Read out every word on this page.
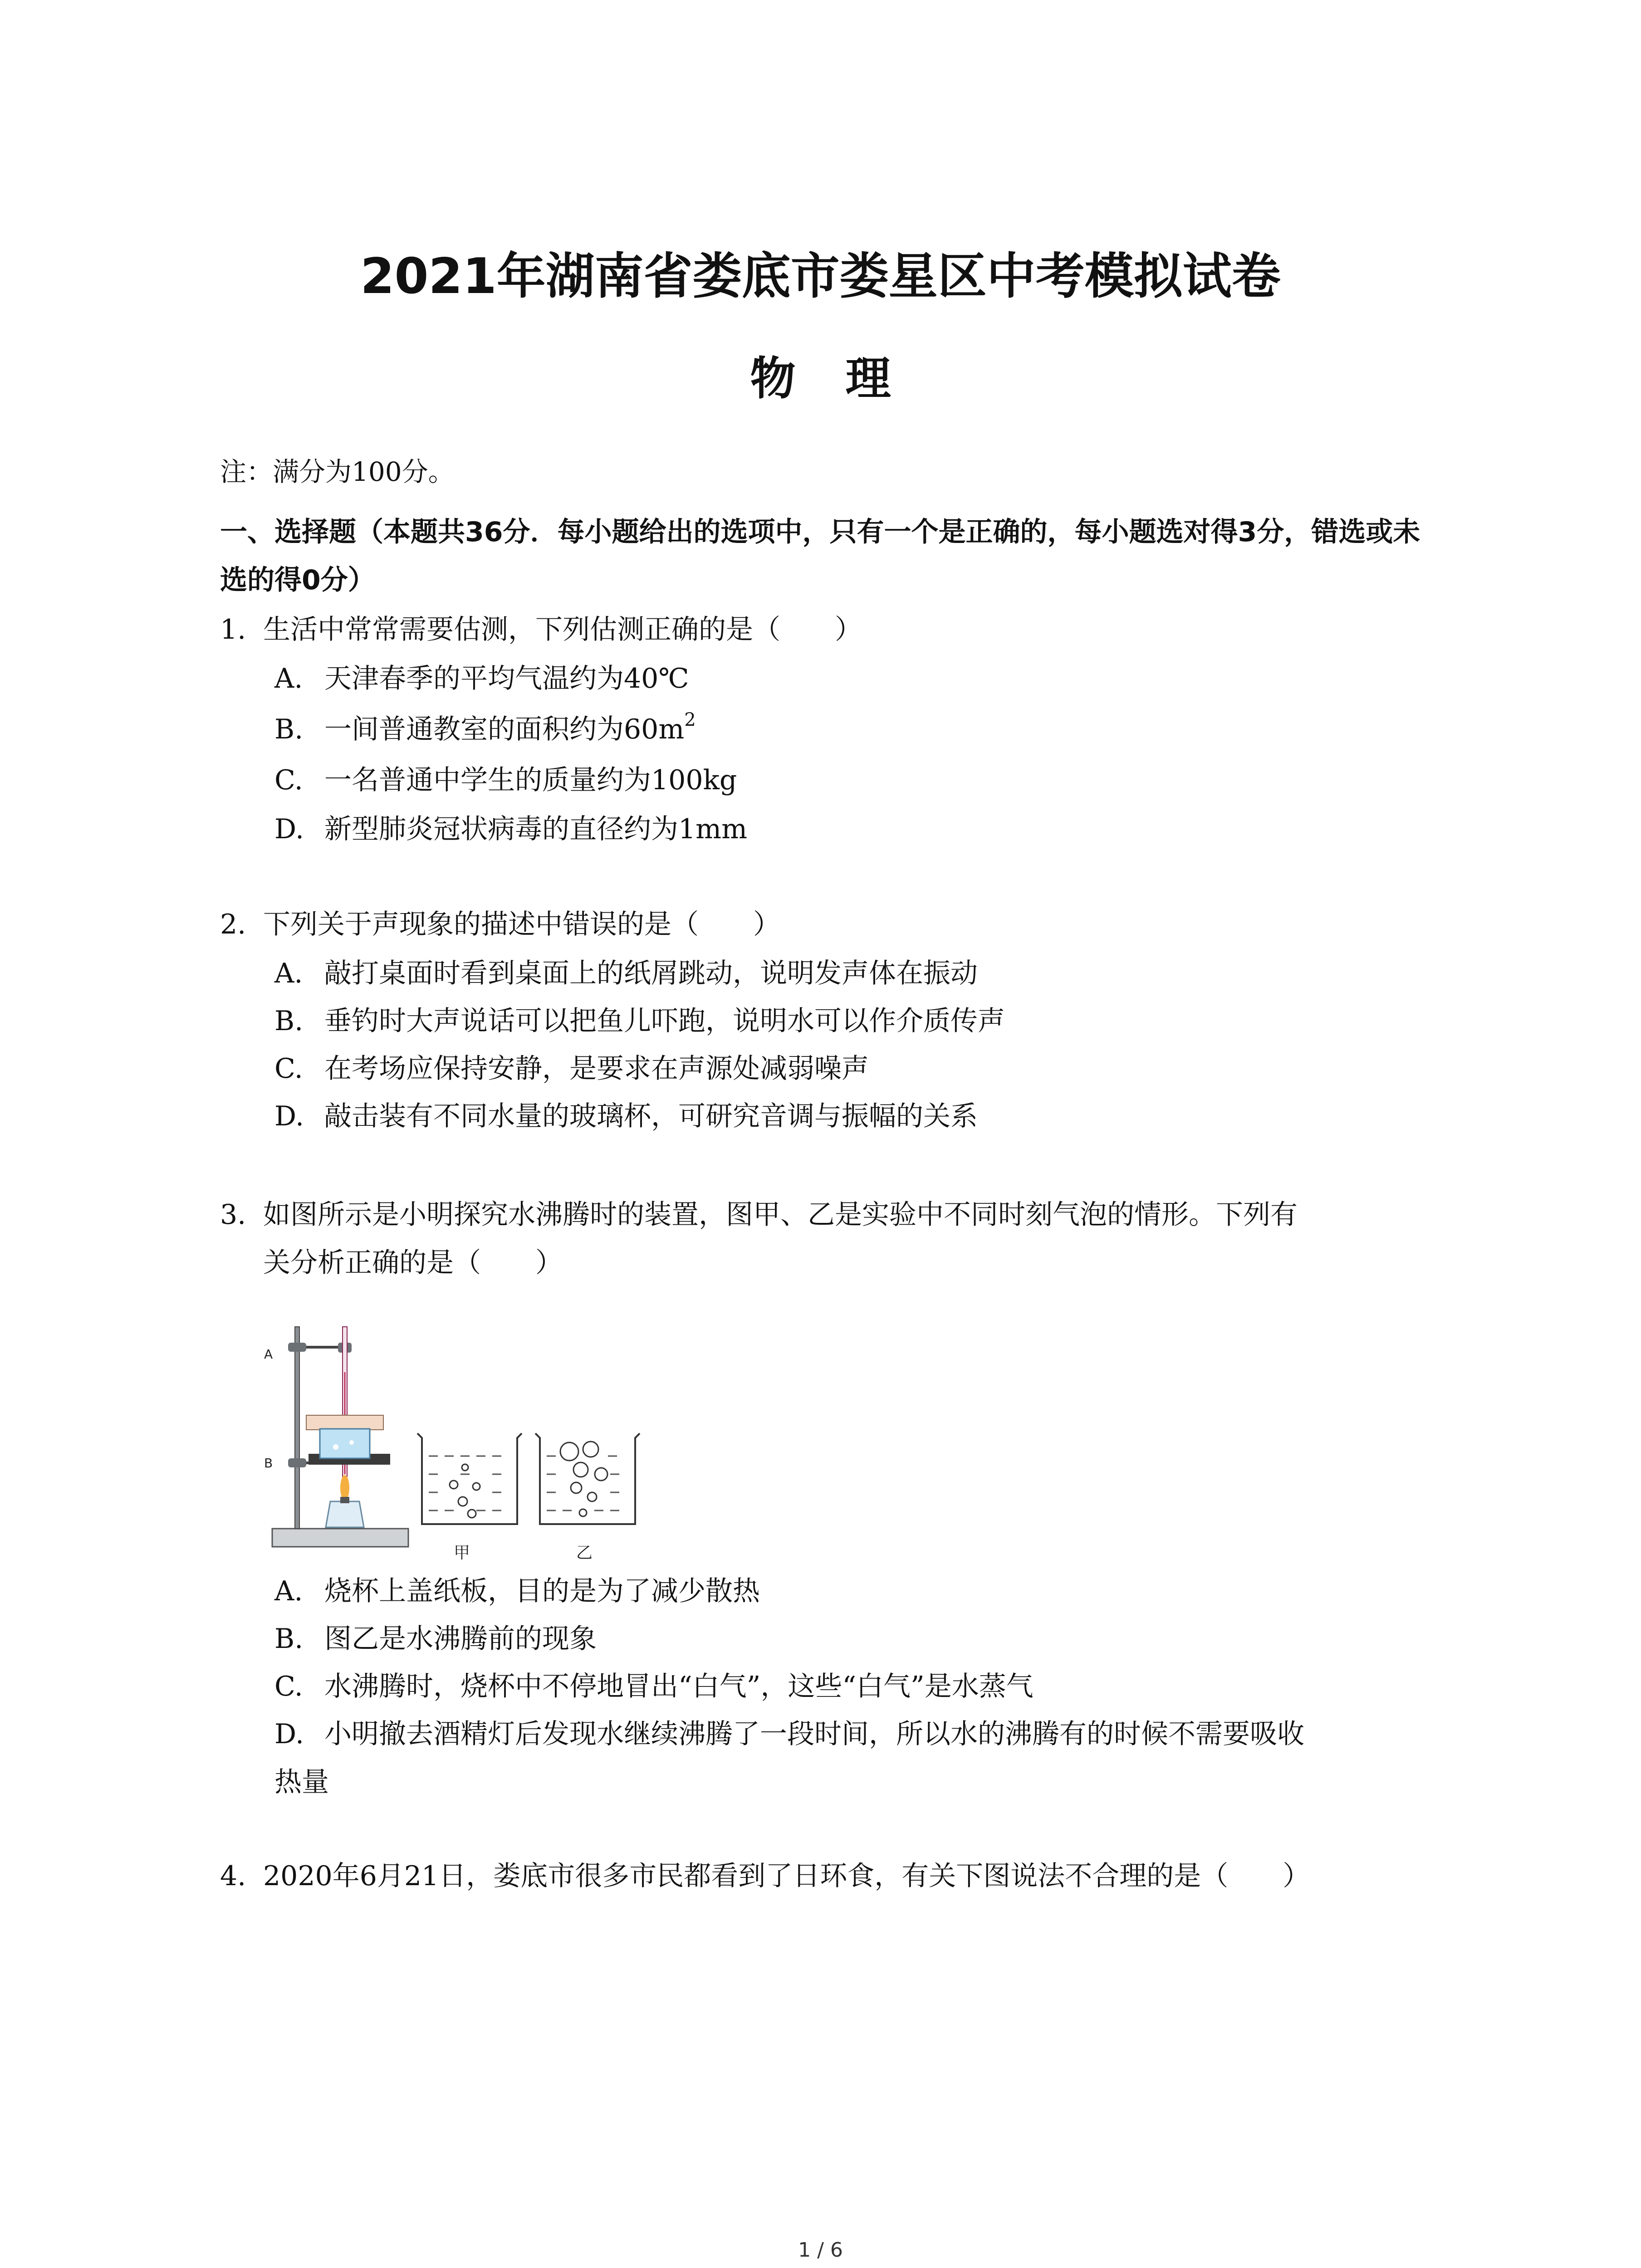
2021年湖南省娄底市娄星区中考模拟试卷
物理
注：满分为100分。
一、选择题（本题共36分．每小题给出的选项中，只有一个是正确的，每小题选对得3分，错选或未选的得0分）
1. 生活中常常需要估测，下列估测正确的是（　　）
A. 天津春季的平均气温约为40℃
B. 一间普通教室的面积约为$60m^2$
C. 一名普通中学生的质量约为100kg
D. 新型肺炎冠状病毒的直径约为1mm
2. 下列关于声现象的描述中错误的是（　　）
A. 敲打桌面时看到桌面上的纸屑跳动，说明发声体在振动
B. 垂钓时大声说话可以把鱼儿吓跑，说明水可以作介质传声
C. 在考场应保持安静，是要求在声源处减弱噪声
D. 敲击装有不同水量的玻璃杯，可研究音调与振幅的关系
3. 如图所示是小明探究水沸腾时的装置，图甲、乙是实验中不同时刻气泡的情形。下列有
关分析正确的是（　　）
A
B
甲	乙
A. 烧杯上盖纸板，目的是为了减少散热
B. 图乙是水沸腾前的现象
C. 水沸腾时，烧杯中不停地冒出“白气”，这些“白气”是水蒸气
D. 小明撤去酒精灯后发现水继续沸腾了一段时间，所以水的沸腾有的时候不需要吸收
热量
4. 2020年6月21日，娄底市很多市民都看到了日环食，有关下图说法不合理的是（　　）
1 / 6
